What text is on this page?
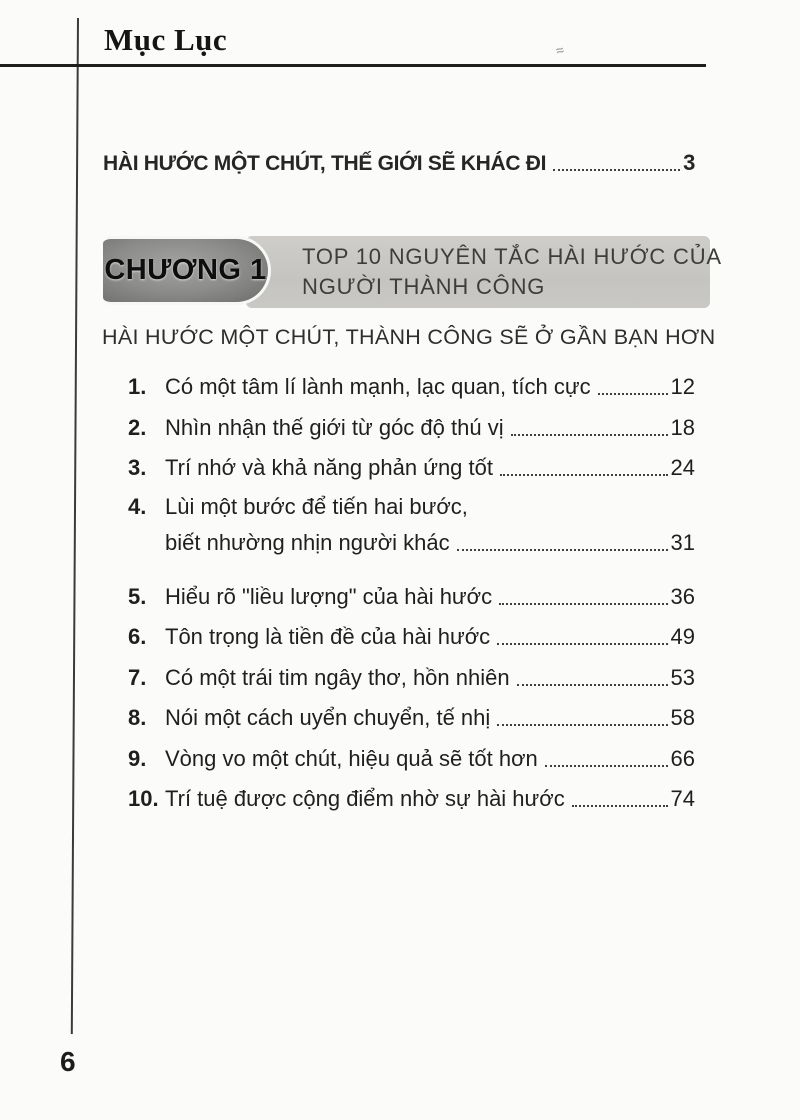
Mục Lục	≈
HÀI HƯỚC MỘT CHÚT, THẾ GIỚI SẼ KHÁC ĐI	3
TOP 10 NGUYÊN TẮC HÀI HƯỚC CỦA
NGƯỜI THÀNH CÔNG
CHƯƠNG 1
HÀI HƯỚC MỘT CHÚT, THÀNH CÔNG SẼ Ở GẦN BẠN HƠN
1. Có một tâm lí lành mạnh, lạc quan, tích cực	12
2. Nhìn nhận thế giới từ góc độ thú vị	18
3. Trí nhớ và khả năng phản ứng tốt	24
4. Lùi một bước để tiến hai bước,
biết nhường nhịn người khác	31
5. Hiểu rõ "liều lượng" của hài hước	36
6. Tôn trọng là tiền đề của hài hước	49
7. Có một trái tim ngây thơ, hồn nhiên	53
8. Nói một cách uyển chuyển, tế nhị	58
9. Vòng vo một chút, hiệu quả sẽ tốt hơn	66
10. Trí tuệ được cộng điểm nhờ sự hài hước	74
6
